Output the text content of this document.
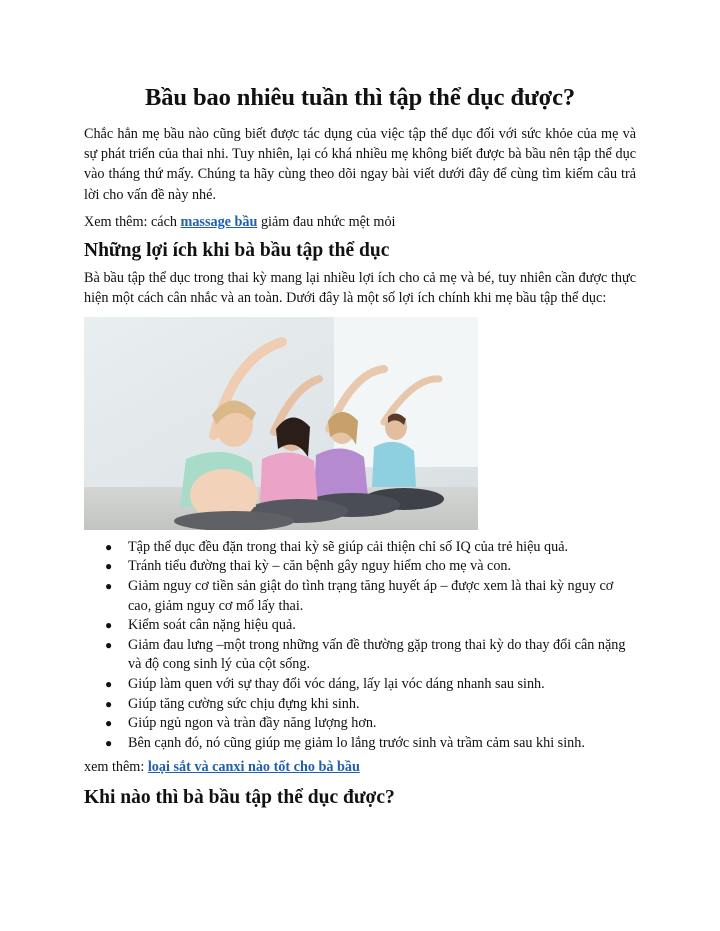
Bầu bao nhiêu tuần thì tập thể dục được?

Chắc hẳn mẹ bầu nào cũng biết được tác dụng của việc tập thể dục đối với sức khỏe của mẹ và sự phát triển của thai nhi. Tuy nhiên, lại có khá nhiều mẹ không biết được bà bầu nên tập thể dục vào tháng thứ mấy. Chúng ta hãy cùng theo dõi ngay bài viết dưới đây để cùng tìm kiếm câu trả lời cho vấn đề này nhé.

Xem thêm: cách massage bầu giảm đau nhức mệt mỏi

Những lợi ích khi bà bầu tập thể dục

Bà bầu tập thể dục trong thai kỳ mang lại nhiều lợi ích cho cả mẹ và bé, tuy nhiên cần được thực hiện một cách cân nhắc và an toàn. Dưới đây là một số lợi ích chính khi mẹ bầu tập thể dục:

● Tập thể dục đều đặn trong thai kỳ sẽ giúp cải thiện chỉ số IQ của trẻ hiệu quả.
● Tránh tiểu đường thai kỳ – căn bệnh gây nguy hiểm cho mẹ và con.
● Giảm nguy cơ tiền sản giật do tình trạng tăng huyết áp – được xem là thai kỳ nguy cơ cao, giảm nguy cơ mổ lấy thai.
● Kiểm soát cân nặng hiệu quả.
● Giảm đau lưng –một trong những vấn đề thường gặp trong thai kỳ do thay đổi cân nặng và độ cong sinh lý của cột sống.
● Giúp làm quen với sự thay đổi vóc dáng, lấy lại vóc dáng nhanh sau sinh.
● Giúp tăng cường sức chịu đựng khi sinh.
● Giúp ngủ ngon và tràn đầy năng lượng hơn.
● Bên cạnh đó, nó cũng giúp mẹ giảm lo lắng trước sinh và trầm cảm sau khi sinh.

xem thêm: loại sắt và canxi nào tốt cho bà bầu

Khi nào thì bà bầu tập thể dục được?
